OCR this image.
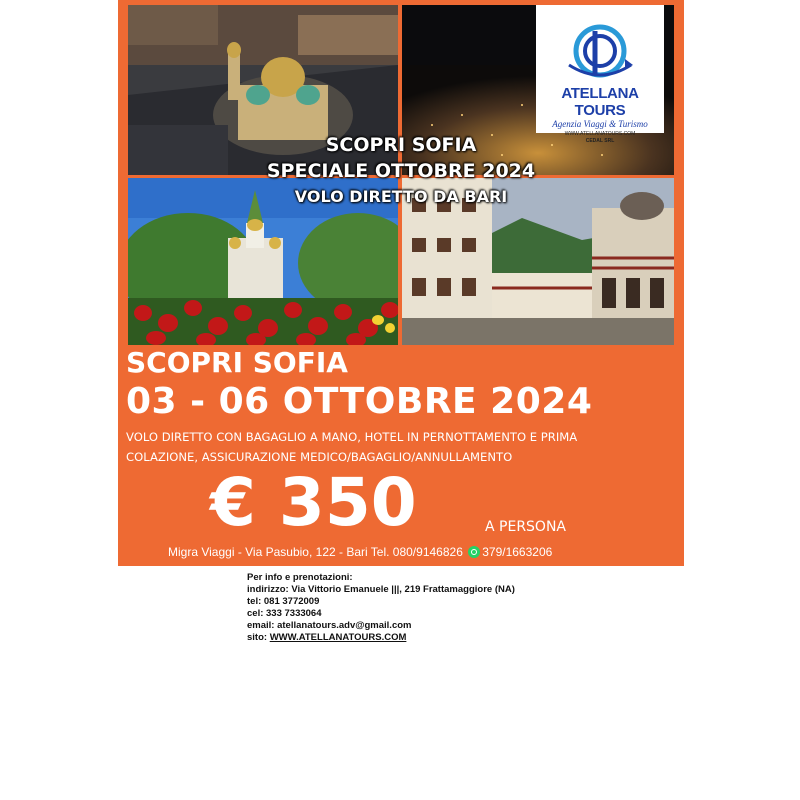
ATELLANA TOURS
Agenzia Viaggi & Turismo
WWW.ATELLANATOURS.COM
CEDAL SRL
SCOPRI SOFIA
SPECIALE OTTOBRE 2024
VOLO DIRETTO DA BARI
SCOPRI SOFIA
03 - 06 OTTOBRE 2024
VOLO DIRETTO CON BAGAGLIO A MANO, HOTEL IN PERNOTTAMENTO E PRIMA
COLAZIONE, ASSICURAZIONE MEDICO/BAGAGLIO/ANNULLAMENTO
€ 350	A PERSONA
Migra Viaggi - Via Pasubio, 122 - Bari Tel. 080/9146826 379/1663206
Per info e prenotazioni:
indirizzo: Via Vittorio Emanuele |||, 219 Frattamaggiore (NA)
tel: 081 3772009
cel: 333 7333064
email: atellanatours.adv@gmail.com
sito: WWW.ATELLANATOURS.COM
